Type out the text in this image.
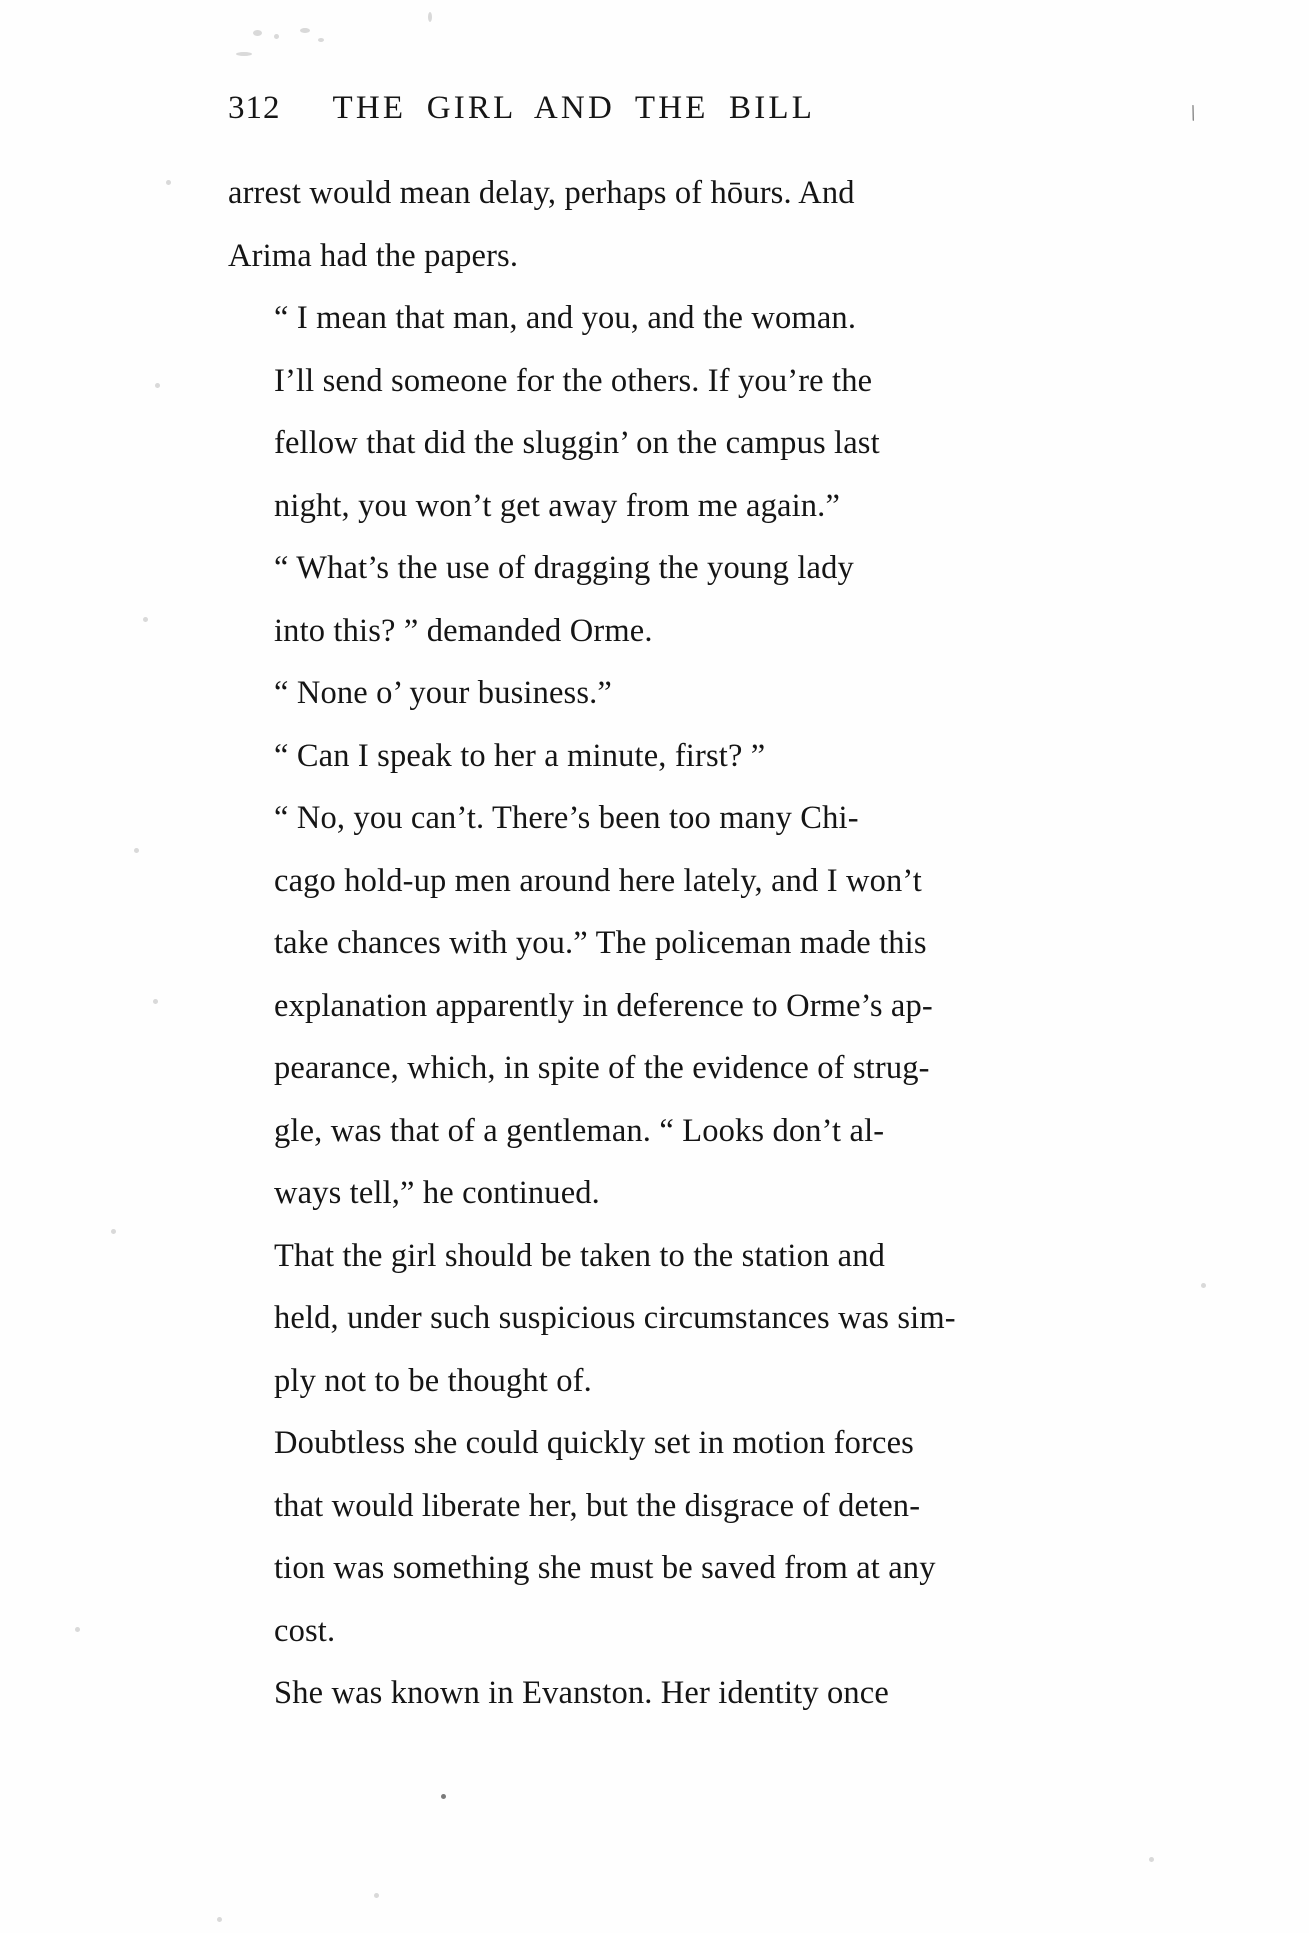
312 THE GIRL AND THE BILL	\

arrest would mean delay, perhaps of hōurs. And
Arima had the papers.

“ I mean that man, and you, and the woman.
I’ll send someone for the others. If you’re the
fellow that did the sluggin’ on the campus last
night, you won’t get away from me again.”

“ What’s the use of dragging the young lady
into this? ” demanded Orme.

“ None o’ your business.”

“ Can I speak to her a minute, first? ”

“ No, you can’t. There’s been too many Chi-
cago hold-up men around here lately, and I won’t
take chances with you.” The policeman made this
explanation apparently in deference to Orme’s ap-
pearance, which, in spite of the evidence of strug-
gle, was that of a gentleman. “ Looks don’t al-
ways tell,” he continued.

That the girl should be taken to the station and
held, under such suspicious circumstances was sim-
ply not to be thought of.

Doubtless she could quickly set in motion forces
that would liberate her, but the disgrace of deten-
tion was something she must be saved from at any
cost.

She was known in Evanston. Her identity once
